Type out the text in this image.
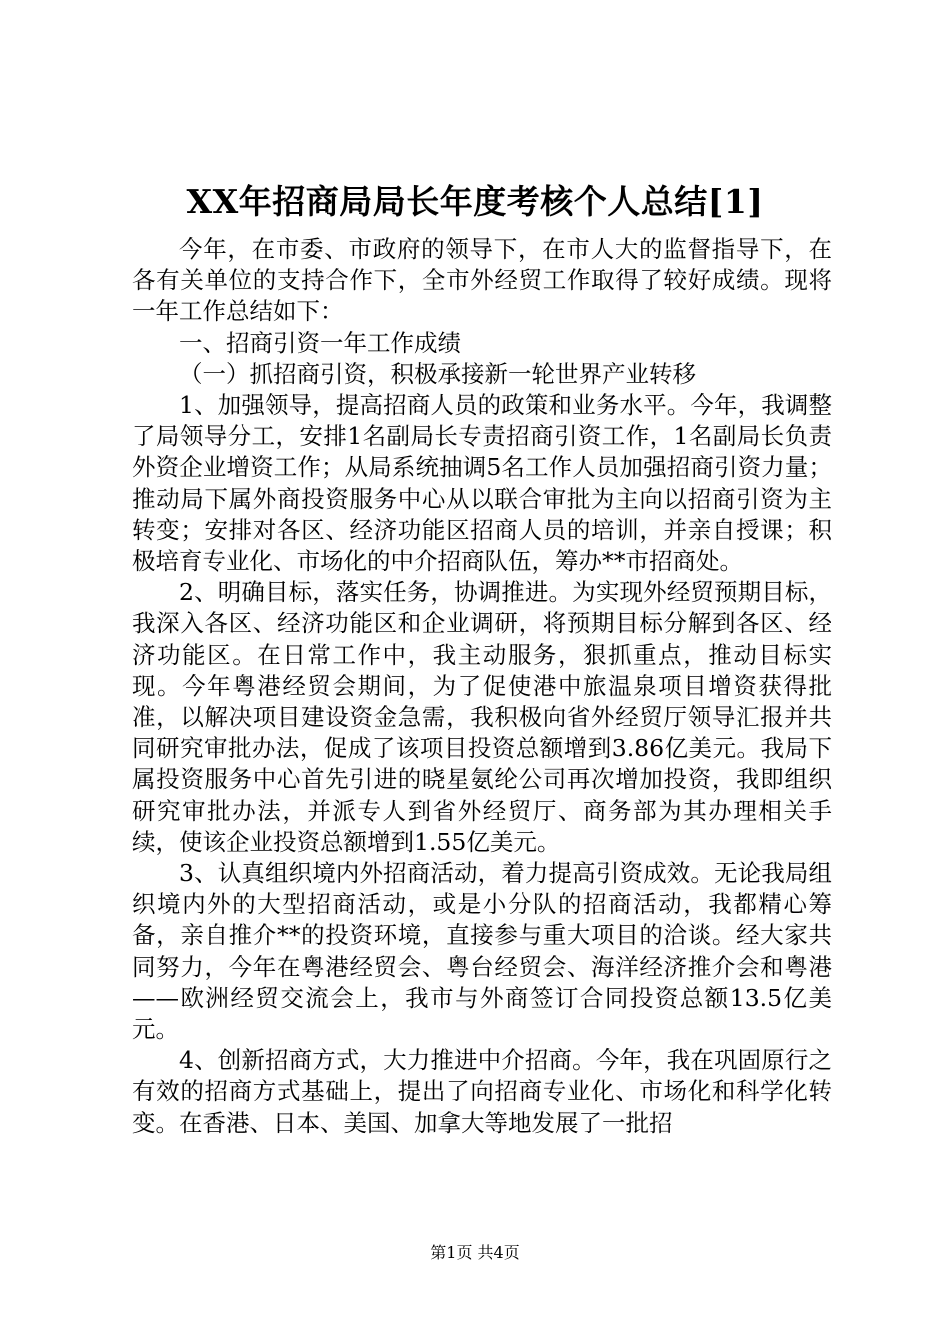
XX年招商局局长年度考核个人总结[1]

今年，在市委、市政府的领导下，在市人大的监督指导下，在各有关单位的支持合作下，全市外经贸工作取得了较好成绩。现将一年工作总结如下：

一、招商引资一年工作成绩

（一）抓招商引资，积极承接新一轮世界产业转移

1、加强领导，提高招商人员的政策和业务水平。今年，我调整了局领导分工，安排1名副局长专责招商引资工作，1名副局长负责外资企业增资工作；从局系统抽调5名工作人员加强招商引资力量；推动局下属外商投资服务中心从以联合审批为主向以招商引资为主转变；安排对各区、经济功能区招商人员的培训，并亲自授课；积极培育专业化、市场化的中介招商队伍，筹办**市招商处。

2、明确目标，落实任务，协调推进。为实现外经贸预期目标，我深入各区、经济功能区和企业调研，将预期目标分解到各区、经济功能区。在日常工作中，我主动服务，狠抓重点，推动目标实现。今年粤港经贸会期间，为了促使港中旅温泉项目增资获得批准，以解决项目建设资金急需，我积极向省外经贸厅领导汇报并共同研究审批办法，促成了该项目投资总额增到3.86亿美元。我局下属投资服务中心首先引进的晓星氨纶公司再次增加投资，我即组织研究审批办法，并派专人到省外经贸厅、商务部为其办理相关手续，使该企业投资总额增到1.55亿美元。

3、认真组织境内外招商活动，着力提高引资成效。无论我局组织境内外的大型招商活动，或是小分队的招商活动，我都精心筹备，亲自推介**的投资环境，直接参与重大项目的洽谈。经大家共同努力，今年在粤港经贸会、粤台经贸会、海洋经济推介会和粤港——欧洲经贸交流会上，我市与外商签订合同投资总额13.5亿美元。

4、创新招商方式，大力推进中介招商。今年，我在巩固原行之有效的招商方式基础上，提出了向招商专业化、市场化和科学化转变。在香港、日本、美国、加拿大等地发展了一批招

第1页 共4页
